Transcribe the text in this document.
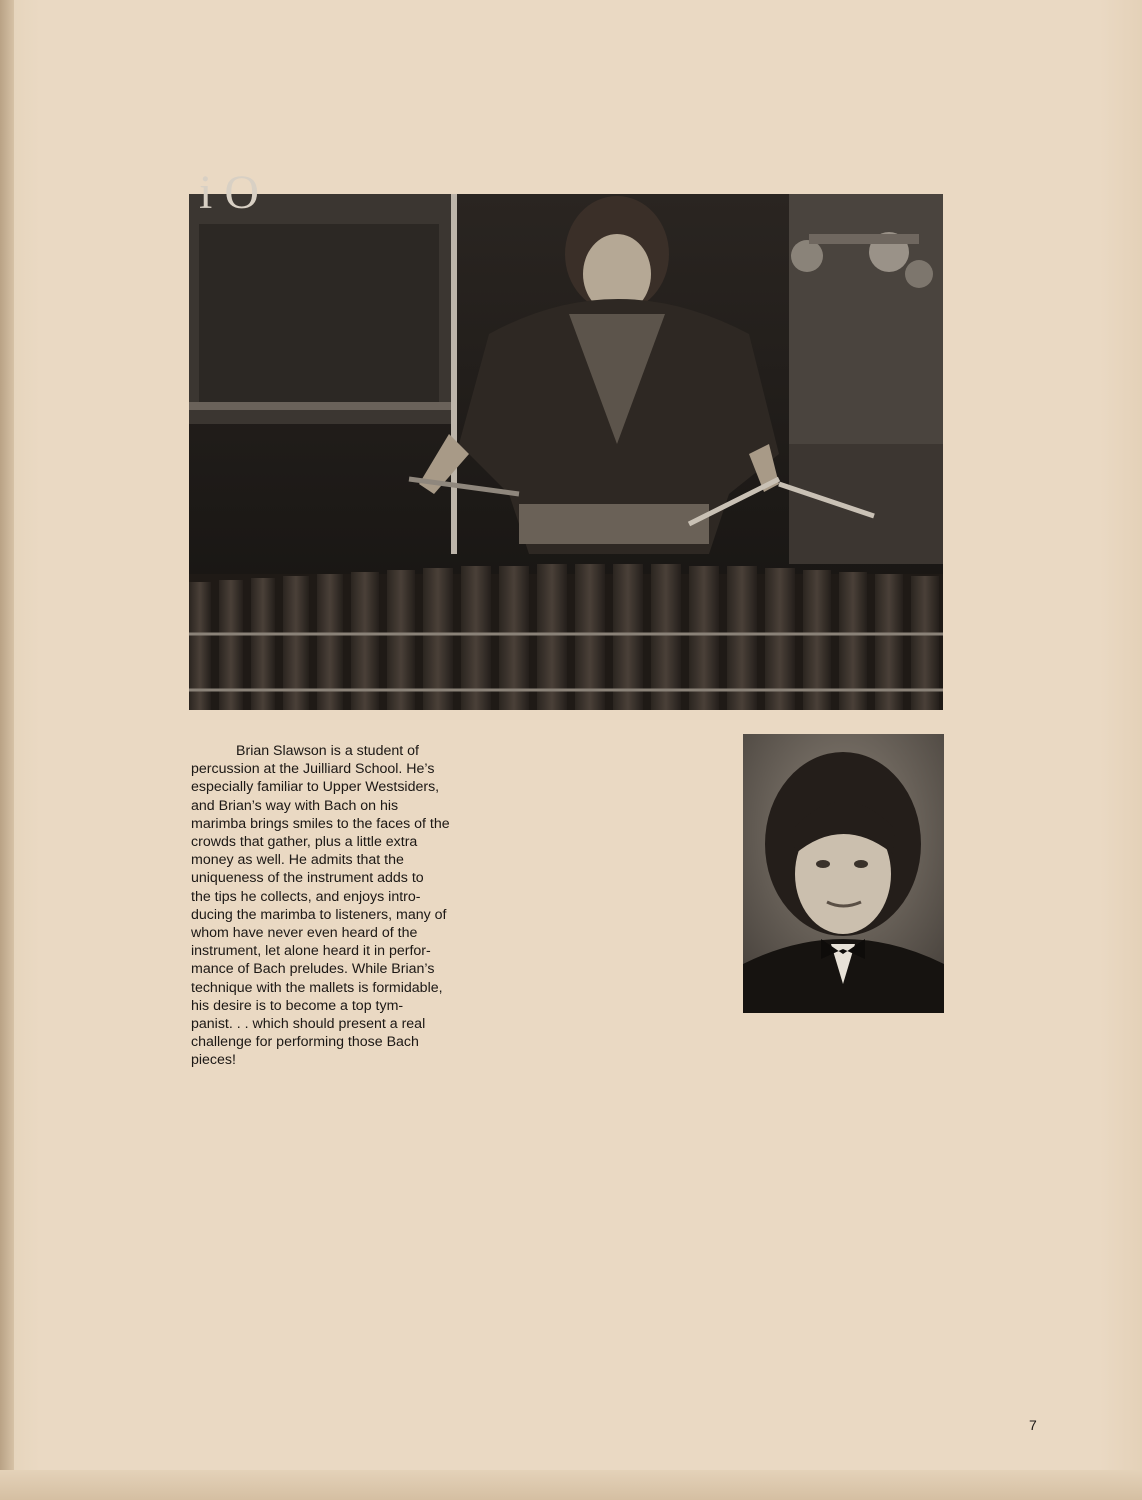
i O

Brian Slawson is a student of
percussion at the Juilliard School. He’s
especially familiar to Upper Westsiders,
and Brian’s way with Bach on his
marimba brings smiles to the faces of the
crowds that gather, plus a little extra
money as well. He admits that the
uniqueness of the instrument adds to
the tips he collects, and enjoys intro-
ducing the marimba to listeners, many of
whom have never even heard of the
instrument, let alone heard it in perfor-
mance of Bach preludes. While Brian’s
technique with the mallets is formidable,
his desire is to become a top tym-
panist. . . which should present a real
challenge for performing those Bach
pieces!

7
